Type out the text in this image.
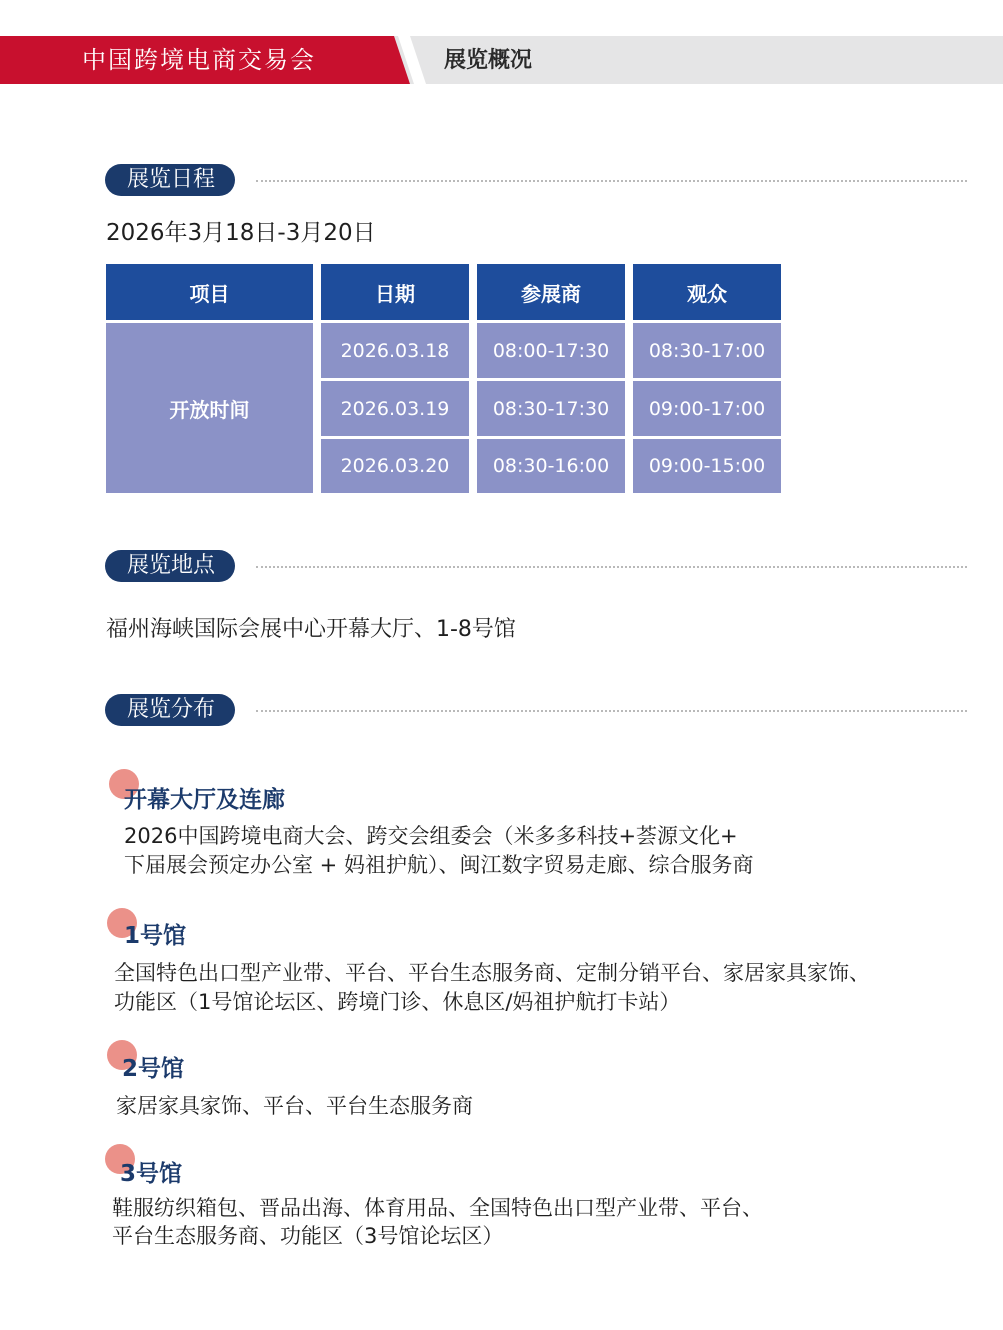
中国跨境电商交易会	展览概况
展览日程
2026年3月18日-3月20日
项目	日期	参展商	观众
开放时间
2026.03.18	08:00-17:30	08:30-17:00
2026.03.19	08:30-17:30	09:00-17:00
2026.03.20	08:30-16:00	09:00-15:00
展览地点
福州海峡国际会展中心开幕大厅、1-8号馆
展览分布
开幕大厅及连廊
2026中国跨境电商大会、跨交会组委会（米多多科技+荟源文化+
下届展会预定办公室 + 妈祖护航）、闽江数字贸易走廊、综合服务商
1号馆
全国特色出口型产业带、平台、平台生态服务商、定制分销平台、家居家具家饰、
功能区（1号馆论坛区、跨境门诊、休息区/妈祖护航打卡站）
2号馆
家居家具家饰、平台、平台生态服务商
3号馆
鞋服纺织箱包、晋品出海、体育用品、全国特色出口型产业带、平台、
平台生态服务商、功能区（3号馆论坛区）
